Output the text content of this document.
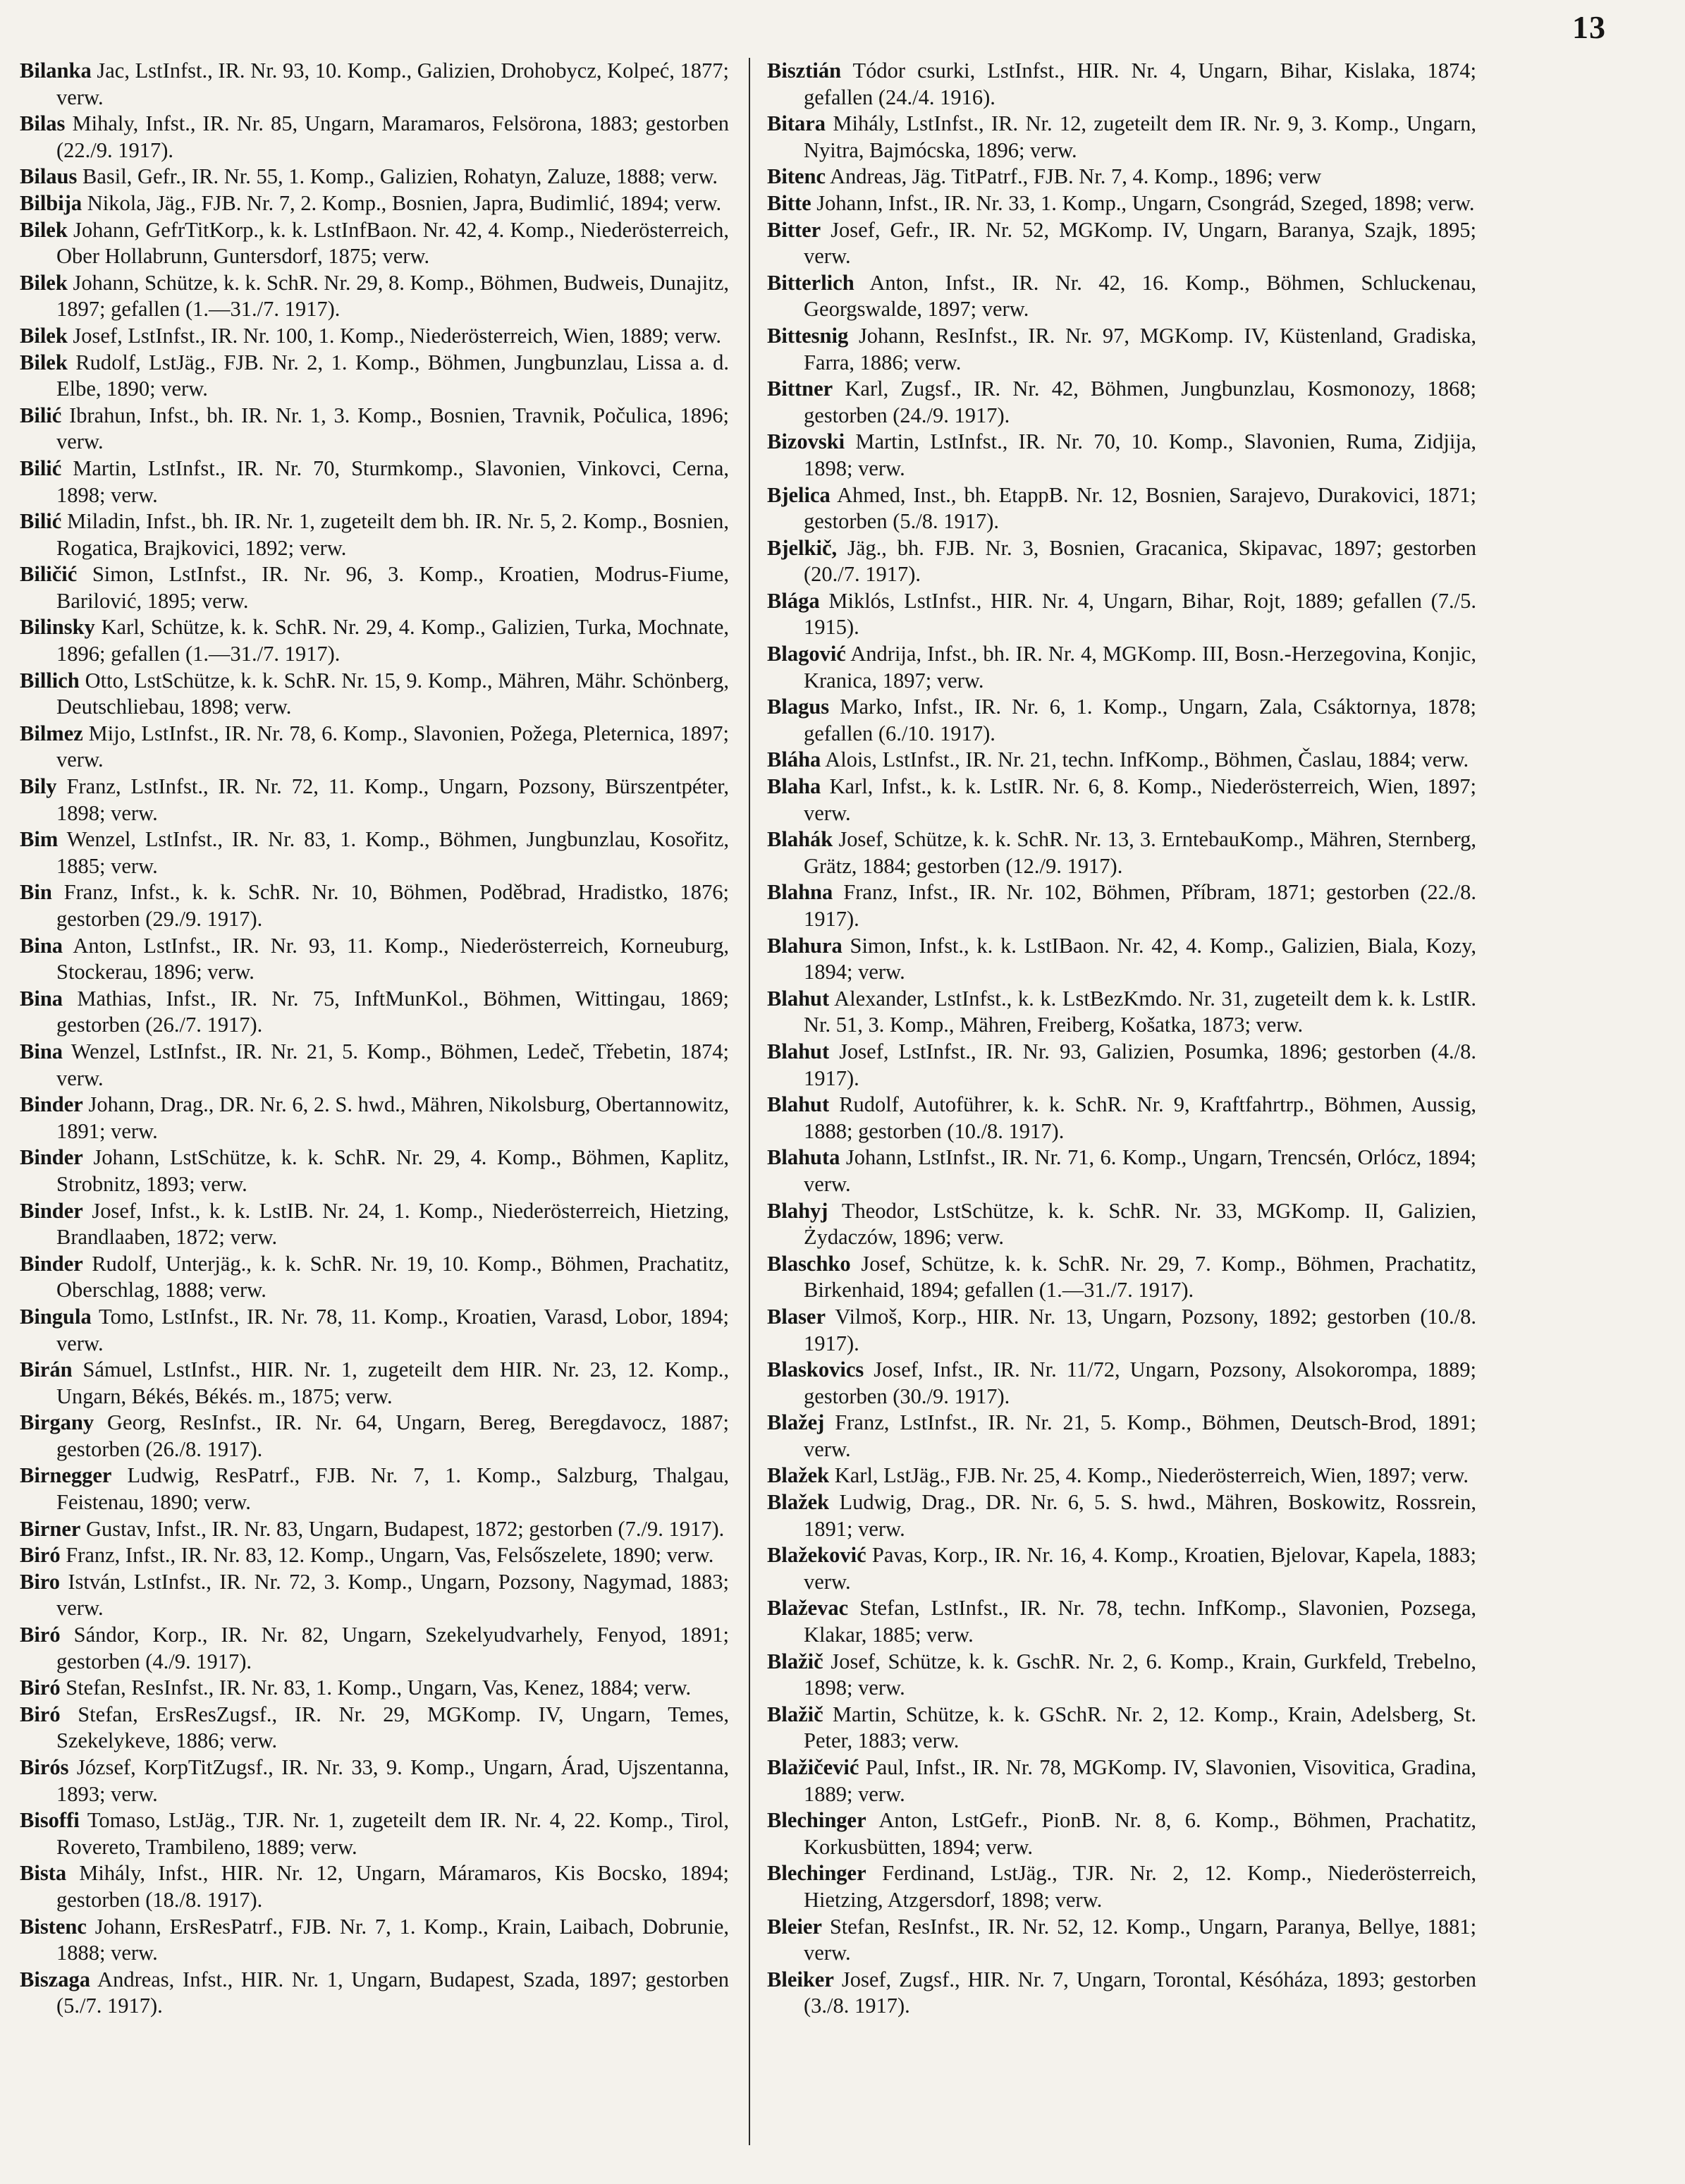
13

Bilanka Jac, LstInfst., IR. Nr. 93, 10. Komp., Galizien, Drohobycz, Kolpeć, 1877; verw.

Bilas Mihaly, Infst., IR. Nr. 85, Ungarn, Maramaros, Felsörona, 1883; gestorben (22./9. 1917).

Bilaus Basil, Gefr., IR. Nr. 55, 1. Komp., Galizien, Rohatyn, Zaluze, 1888; verw.

Bilbija Nikola, Jäg., FJB. Nr. 7, 2. Komp., Bosnien, Japra, Budimlić, 1894; verw.

Bilek Johann, GefrTitKorp., k. k. LstInfBaon. Nr. 42, 4. Komp., Niederösterreich, Ober Hollabrunn, Guntersdorf, 1875; verw.

Bilek Johann, Schütze, k. k. SchR. Nr. 29, 8. Komp., Böhmen, Budweis, Dunajitz, 1897; gefallen (1.—31./7. 1917).

Bilek Josef, LstInfst., IR. Nr. 100, 1. Komp., Niederösterreich, Wien, 1889; verw.

Bilek Rudolf, LstJäg., FJB. Nr. 2, 1. Komp., Böhmen, Jungbunzlau, Lissa a. d. Elbe, 1890; verw.

Bilić Ibrahun, Infst., bh. IR. Nr. 1, 3. Komp., Bosnien, Travnik, Počulica, 1896; verw.

Bilić Martin, LstInfst., IR. Nr. 70, Sturmkomp., Slavonien, Vinkovci, Cerna, 1898; verw.

Bilić Miladin, Infst., bh. IR. Nr. 1, zugeteilt dem bh. IR. Nr. 5, 2. Komp., Bosnien, Rogatica, Brajkovici, 1892; verw.

Biličić Simon, LstInfst., IR. Nr. 96, 3. Komp., Kroatien, Modrus-Fiume, Barilović, 1895; verw.

Bilinsky Karl, Schütze, k. k. SchR. Nr. 29, 4. Komp., Galizien, Turka, Mochnate, 1896; gefallen (1.—31./7. 1917).

Billich Otto, LstSchütze, k. k. SchR. Nr. 15, 9. Komp., Mähren, Mähr. Schönberg, Deutschliebau, 1898; verw.

Bilmez Mijo, LstInfst., IR. Nr. 78, 6. Komp., Slavonien, Požega, Pleternica, 1897; verw.

Bily Franz, LstInfst., IR. Nr. 72, 11. Komp., Ungarn, Pozsony, Bürszentpéter, 1898; verw.

Bim Wenzel, LstInfst., IR. Nr. 83, 1. Komp., Böhmen, Jungbunzlau, Kosořitz, 1885; verw.

Bin Franz, Infst., k. k. SchR. Nr. 10, Böhmen, Poděbrad, Hradistko, 1876; gestorben (29./9. 1917).

Bina Anton, LstInfst., IR. Nr. 93, 11. Komp., Niederösterreich, Korneuburg, Stockerau, 1896; verw.

Bina Mathias, Infst., IR. Nr. 75, InftMunKol., Böhmen, Wittingau, 1869; gestorben (26./7. 1917).

Bina Wenzel, LstInfst., IR. Nr. 21, 5. Komp., Böhmen, Ledeč, Třebetin, 1874; verw.

Binder Johann, Drag., DR. Nr. 6, 2. S. hwd., Mähren, Nikolsburg, Obertannowitz, 1891; verw.

Binder Johann, LstSchütze, k. k. SchR. Nr. 29, 4. Komp., Böhmen, Kaplitz, Strobnitz, 1893; verw.

Binder Josef, Infst., k. k. LstIB. Nr. 24, 1. Komp., Niederösterreich, Hietzing, Brandlaaben, 1872; verw.

Binder Rudolf, Unterjäg., k. k. SchR. Nr. 19, 10. Komp., Böhmen, Prachatitz, Oberschlag, 1888; verw.

Bingula Tomo, LstInfst., IR. Nr. 78, 11. Komp., Kroatien, Varasd, Lobor, 1894; verw.

Birán Sámuel, LstInfst., HIR. Nr. 1, zugeteilt dem HIR. Nr. 23, 12. Komp., Ungarn, Békés, Békés. m., 1875; verw.

Birgany Georg, ResInfst., IR. Nr. 64, Ungarn, Bereg, Beregdavocz, 1887; gestorben (26./8. 1917).

Birnegger Ludwig, ResPatrf., FJB. Nr. 7, 1. Komp., Salzburg, Thalgau, Feistenau, 1890; verw.

Birner Gustav, Infst., IR. Nr. 83, Ungarn, Budapest, 1872; gestorben (7./9. 1917).

Biró Franz, Infst., IR. Nr. 83, 12. Komp., Ungarn, Vas, Felsőszelete, 1890; verw.

Biro István, LstInfst., IR. Nr. 72, 3. Komp., Ungarn, Pozsony, Nagymad, 1883; verw.

Biró Sándor, Korp., IR. Nr. 82, Ungarn, Szekelyudvarhely, Fenyod, 1891; gestorben (4./9. 1917).

Biró Stefan, ResInfst., IR. Nr. 83, 1. Komp., Ungarn, Vas, Kenez, 1884; verw.

Biró Stefan, ErsResZugsf., IR. Nr. 29, MGKomp. IV, Ungarn, Temes, Szekelykeve, 1886; verw.

Birós József, KorpTitZugsf., IR. Nr. 33, 9. Komp., Ungarn, Árad, Ujszentanna, 1893; verw.

Bisoffi Tomaso, LstJäg., TJR. Nr. 1, zugeteilt dem IR. Nr. 4, 22. Komp., Tirol, Rovereto, Trambileno, 1889; verw.

Bista Mihály, Infst., HIR. Nr. 12, Ungarn, Máramaros, Kis Bocsko, 1894; gestorben (18./8. 1917).

Bistenc Johann, ErsResPatrf., FJB. Nr. 7, 1. Komp., Krain, Laibach, Dobrunie, 1888; verw.

Biszaga Andreas, Infst., HIR. Nr. 1, Ungarn, Budapest, Szada, 1897; gestorben (5./7. 1917).

Bisztián Tódor csurki, LstInfst., HIR. Nr. 4, Ungarn, Bihar, Kislaka, 1874; gefallen (24./4. 1916).

Bitara Mihály, LstInfst., IR. Nr. 12, zugeteilt dem IR. Nr. 9, 3. Komp., Ungarn, Nyitra, Bajmócska, 1896; verw.

Bitenc Andreas, Jäg. TitPatrf., FJB. Nr. 7, 4. Komp., 1896; verw

Bitte Johann, Infst., IR. Nr. 33, 1. Komp., Ungarn, Csongrád, Szeged, 1898; verw.

Bitter Josef, Gefr., IR. Nr. 52, MGKomp. IV, Ungarn, Baranya, Szajk, 1895; verw.

Bitterlich Anton, Infst., IR. Nr. 42, 16. Komp., Böhmen, Schluckenau, Georgswalde, 1897; verw.

Bittesnig Johann, ResInfst., IR. Nr. 97, MGKomp. IV, Küstenland, Gradiska, Farra, 1886; verw.

Bittner Karl, Zugsf., IR. Nr. 42, Böhmen, Jungbunzlau, Kosmonozy, 1868; gestorben (24./9. 1917).

Bizovski Martin, LstInfst., IR. Nr. 70, 10. Komp., Slavonien, Ruma, Zidjija, 1898; verw.

Bjelica Ahmed, Inst., bh. EtappB. Nr. 12, Bosnien, Sarajevo, Durakovici, 1871; gestorben (5./8. 1917).

Bjelkič, Jäg., bh. FJB. Nr. 3, Bosnien, Gracanica, Skipavac, 1897; gestorben (20./7. 1917).

Blága Miklós, LstInfst., HIR. Nr. 4, Ungarn, Bihar, Rojt, 1889; gefallen (7./5. 1915).

Blagović Andrija, Infst., bh. IR. Nr. 4, MGKomp. III, Bosn.-Herzegovina, Konjic, Kranica, 1897; verw.

Blagus Marko, Infst., IR. Nr. 6, 1. Komp., Ungarn, Zala, Csáktornya, 1878; gefallen (6./10. 1917).

Bláha Alois, LstInfst., IR. Nr. 21, techn. InfKomp., Böhmen, Časlau, 1884; verw.

Blaha Karl, Infst., k. k. LstIR. Nr. 6, 8. Komp., Niederösterreich, Wien, 1897; verw.

Blahák Josef, Schütze, k. k. SchR. Nr. 13, 3. ErntebauKomp., Mähren, Sternberg, Grätz, 1884; gestorben (12./9. 1917).

Blahna Franz, Infst., IR. Nr. 102, Böhmen, Příbram, 1871; gestorben (22./8. 1917).

Blahura Simon, Infst., k. k. LstIBaon. Nr. 42, 4. Komp., Galizien, Biala, Kozy, 1894; verw.

Blahut Alexander, LstInfst., k. k. LstBezKmdo. Nr. 31, zugeteilt dem k. k. LstIR. Nr. 51, 3. Komp., Mähren, Freiberg, Košatka, 1873; verw.

Blahut Josef, LstInfst., IR. Nr. 93, Galizien, Posumka, 1896; gestorben (4./8. 1917).

Blahut Rudolf, Autoführer, k. k. SchR. Nr. 9, Kraftfahrtrp., Böhmen, Aussig, 1888; gestorben (10./8. 1917).

Blahuta Johann, LstInfst., IR. Nr. 71, 6. Komp., Ungarn, Trencsén, Orlócz, 1894; verw.

Blahyj Theodor, LstSchütze, k. k. SchR. Nr. 33, MGKomp. II, Galizien, Żydaczów, 1896; verw.

Blaschko Josef, Schütze, k. k. SchR. Nr. 29, 7. Komp., Böhmen, Prachatitz, Birkenhaid, 1894; gefallen (1.—31./7. 1917).

Blaser Vilmoš, Korp., HIR. Nr. 13, Ungarn, Pozsony, 1892; gestorben (10./8. 1917).

Blaskovics Josef, Infst., IR. Nr. 11/72, Ungarn, Pozsony, Alsokorompa, 1889; gestorben (30./9. 1917).

Blažej Franz, LstInfst., IR. Nr. 21, 5. Komp., Böhmen, Deutsch-Brod, 1891; verw.

Blažek Karl, LstJäg., FJB. Nr. 25, 4. Komp., Niederösterreich, Wien, 1897; verw.

Blažek Ludwig, Drag., DR. Nr. 6, 5. S. hwd., Mähren, Boskowitz, Rossrein, 1891; verw.

Blažeković Pavas, Korp., IR. Nr. 16, 4. Komp., Kroatien, Bjelovar, Kapela, 1883; verw.

Blaževac Stefan, LstInfst., IR. Nr. 78, techn. InfKomp., Slavonien, Pozsega, Klakar, 1885; verw.

Blažič Josef, Schütze, k. k. GschR. Nr. 2, 6. Komp., Krain, Gurkfeld, Trebelno, 1898; verw.

Blažič Martin, Schütze, k. k. GSchR. Nr. 2, 12. Komp., Krain, Adelsberg, St. Peter, 1883; verw.

Blažičević Paul, Infst., IR. Nr. 78, MGKomp. IV, Slavonien, Visovitica, Gradina, 1889; verw.

Blechinger Anton, LstGefr., PionB. Nr. 8, 6. Komp., Böhmen, Prachatitz, Korkusbütten, 1894; verw.

Blechinger Ferdinand, LstJäg., TJR. Nr. 2, 12. Komp., Niederösterreich, Hietzing, Atzgersdorf, 1898; verw.

Bleier Stefan, ResInfst., IR. Nr. 52, 12. Komp., Ungarn, Paranya, Bellye, 1881; verw.

Bleiker Josef, Zugsf., HIR. Nr. 7, Ungarn, Torontal, Késóháza, 1893; gestorben (3./8. 1917).
